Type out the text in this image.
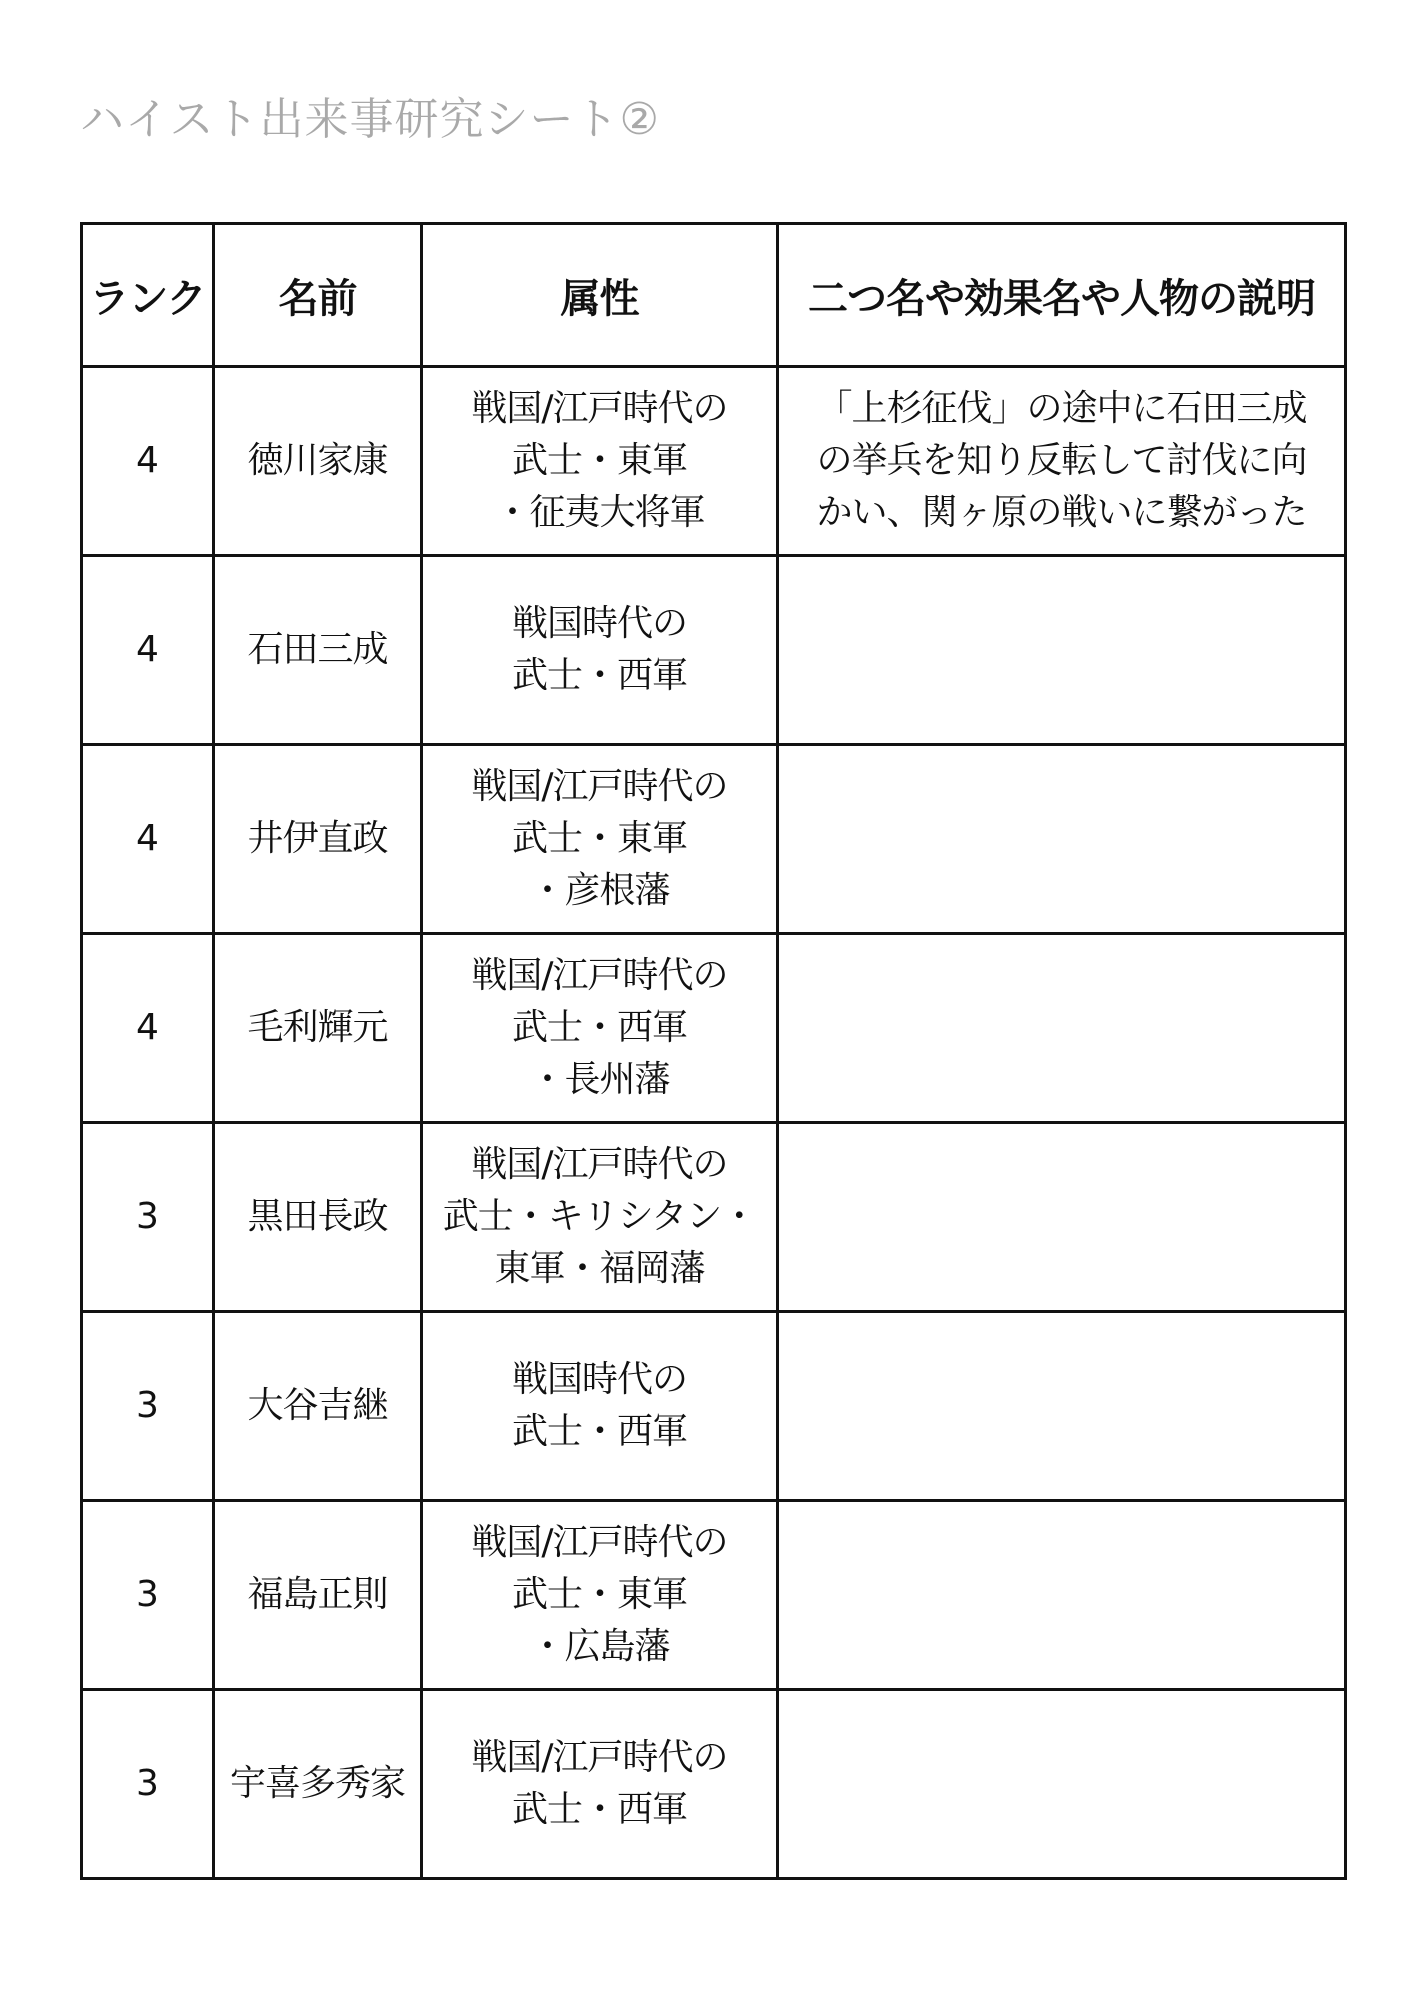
ハイスト出来事研究シート②
ランク	名前	属性	二つ名や効果名や人物の説明
4	徳川家康	戦国/江戸時代の
武士・東軍
・征夷大将軍	「上杉征伐」の途中に石田三成
の挙兵を知り反転して討伐に向
かい、関ヶ原の戦いに繋がった

4	石田三成	戦国時代の
武士・西軍	

4	井伊直政	戦国/江戸時代の
武士・東軍
・彦根藩	

4	毛利輝元	戦国/江戸時代の
武士・西軍
・長州藩	

3	黒田長政	戦国/江戸時代の
武士・キリシタン・
東軍・福岡藩	

3	大谷吉継	戦国時代の
武士・西軍	

3	福島正則	戦国/江戸時代の
武士・東軍
・広島藩	

3	宇喜多秀家	戦国/江戸時代の
武士・西軍	
